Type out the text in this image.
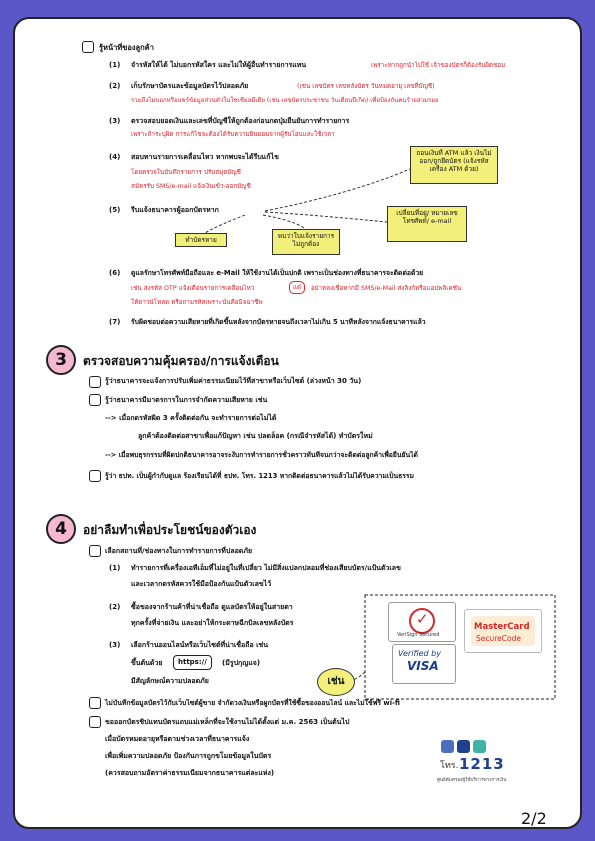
รู้หน้าที่ของลูกค้า
(1) จำรหัสให้ได้ ไม่บอกรหัสใคร และไม่ให้ผู้อื่นทำรายการแทน	เพราะหากถูกนำไปใช้ เจ้าของบัตรก็ต้องรับผิดชอบ
(2) เก็บรักษาบัตรและข้อมูลบัตรไว้ปลอดภัย	(เช่น เลขบัตร เลขหลังบัตร วันหมดอายุ เลขที่บัญชี)
รวมถึงไม่บอกหรือแชร์ข้อมูลส่วนตัวในโซเชียลมีเดีย (เช่น เลขบัตรประชาชน วันเดือนปีเกิด) เพื่อป้องกันคนร้ายสวมรอย
(3) ตรวจสอบยอดเงินและเลขที่บัญชีให้ถูกต้องก่อนกดปุ่มยืนยันการทำรายการ
เพราะถ้าระบุผิด การแก้ไขจะต้องได้รับความยินยอมจากผู้รับโอนและใช้เวลา
(4) สอบทานรายการเคลื่อนไหว หากพบจะได้รีบแก้ไข
โดยตรวจในบันทึกรายการ ปรับสมุดบัญชี
สมัครรับ SMS/e-mail แจ้งเงินเข้า-ออกบัญชี
(5) รีบแจ้งธนาคารผู้ออกบัตรหาก
ถอนเงินที่ ATM แล้ว เงินไม่ออก/ถูกยึดบัตร (แจ้งรหัสเครื่อง ATM ด้วย)
ทำบัตรหาย	พบว่าใบแจ้งรายการ ไม่ถูกต้อง
เปลี่ยนที่อยู่/ หมายเลขโทรศัพท์/ e-mail
(6) ดูแลรักษาโทรศัพท์มือถือและ e-Mail ให้ใช้งานได้เป็นปกติ เพราะเป็นช่องทางที่ธนาคารจะติดต่อด้วย
เช่น ส่งรหัส OTP แจ้งเตือนรายการเคลื่อนไหว	แต่	อย่าหลงเชื่อหากมี SMS/e-Mail ส่งลิงก์หรือแอปพลิเคชัน
ให้ดาวน์โหลด หรือถามรหัสเพราะนั่นคือมิจฉาชีพ
(7) รับผิดชอบต่อความเสียหายที่เกิดขึ้นหลังจากบัตรหายจนถึงเวลาไม่เกิน 5 นาทีหลังจากแจ้งธนาคารแล้ว
3	ตรวจสอบความคุ้มครอง/การแจ้งเตือน
รู้ว่าธนาคารจะแจ้งการปรับเพิ่มค่าธรรมเนียมไว้ที่สาขาหรือเว็บไซต์ (ล่วงหน้า 30 วัน)
รู้ว่าธนาคารมีมาตรการในการจำกัดความเสียหาย เช่น
--> เมื่อกดรหัสผิด 3 ครั้งติดต่อกัน จะทำรายการต่อไม่ได้
ลูกค้าต้องติดต่อสาขาเพื่อแก้ปัญหา เช่น ปลดล็อค (กรณีจำรหัสได้) ทำบัตรใหม่
--> เมื่อพบธุรกรรมที่ผิดปกติธนาคารอาจระงับการทำรายการชั่วคราวทันทีจนกว่าจะติดต่อลูกค้าเพื่อยืนยันได้
รู้ว่า ธปท. เป็นผู้กำกับดูแล ร้องเรียนได้ที่ ธปท. โทร. 1213 หากติดต่อธนาคารแล้วไม่ได้รับความเป็นธรรม
4	อย่าลืมทำเพื่อประโยชน์ของตัวเอง
เลือกสถานที่/ช่องทางในการทำรายการที่ปลอดภัย
(1) ทำรายการที่เครื่องเอทีเอ็มที่ไม่อยู่ในที่เปลี่ยว ไม่มีสิ่งแปลกปลอมที่ช่องเสียบบัตร/แป้นตัวเลข
และเวลากดรหัสควรใช้มือป้องกันแป้นตัวเลขไว้
(2) ซื้อของจากร้านค้าที่น่าเชื่อถือ ดูแลบัตรให้อยู่ในสายตา
ทุกครั้งที่จ่ายเงิน และอย่าให้กระดาษฉีกบิลเลขหลังบัตร
(3) เลือกร้านออนไลน์หรือเว็บไซต์ที่น่าเชื่อถือ เช่น
ขึ้นต้นด้วย	https://	(มีรูปกุญแจ)
มีสัญลักษณ์ความปลอดภัย	เช่น
✓
VeriSign Secured
MasterCard
SecureCode
Verified by
VISA
ไม่บันทึกข้อมูลบัตรไว้กับเว็บไซต์ผู้ขาย จำกัดวงเงินหรือผูกบัตรที่ใช้ซื้อของออนไลน์ และไม่ใช้ฟรี wi-fi
ขอออกบัตรชิปแทนบัตรแถบแม่เหล็กที่จะใช้งานไม่ได้ตั้งแต่ ม.ค. 2563 เป็นต้นไป
เมื่อบัตรหมดอายุหรือตามช่วงเวลาที่ธนาคารแจ้ง
เพื่อเพิ่มความปลอดภัย ป้องกันการถูกขโมยข้อมูลในบัตร
(ควรสอบถามอัตราค่าธรรมเนียมจากธนาคารแต่ละแห่ง)
โทร. 1213
ศูนย์คุ้มครองผู้ใช้บริการทางการเงิน
2/2
